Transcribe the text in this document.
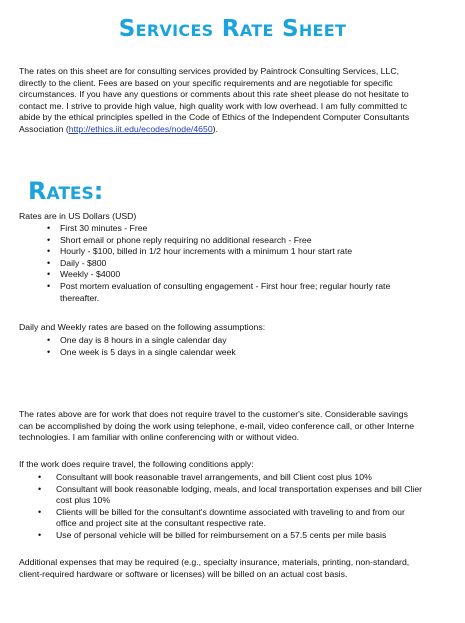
Services Rate Sheet
The rates on this sheet are for consulting services provided by Paintrock Consulting Services, LLC,
directly to the client. Fees are based on your specific requirements and are negotiable for specific
circumstances. If you have any questions or comments about this rate sheet please do not hesitate to
contact me. I strive to provide high value, high quality work with low overhead. I am fully committed tc
abide by the ethical principles spelled in the Code of Ethics of the Independent Computer Consultants
Association (http://ethics.iit.edu/ecodes/node/4650).
Rates:
Rates are in US Dollars (USD)
• First 30 minutes - Free
• Short email or phone reply requiring no additional research - Free
• Hourly - $100, billed in 1/2 hour increments with a minimum 1 hour start rate
• Daily - $800
• Weekly - $4000
• Post mortem evaluation of consulting engagement - First hour free; regular hourly rate
thereafter.
Daily and Weekly rates are based on the following assumptions:
• One day is 8 hours in a single calendar day
• One week is 5 days in a single calendar week
The rates above are for work that does not require travel to the customer's site. Considerable savings
can be accomplished by doing the work using telephone, e-mail, video conference call, or other Interne
technologies. I am familiar with online conferencing with or without video.
If the work does require travel, the following conditions apply:
• Consultant will book reasonable travel arrangements, and bill Client cost plus 10%
• Consultant will book reasonable lodging, meals, and local transportation expenses and bill Clier
cost plus 10%
• Clients will be billed for the consultant's downtime associated with traveling to and from our
office and project site at the consultant respective rate.
• Use of personal vehicle will be billed for reimbursement on a 57.5 cents per mile basis
Additional expenses that may be required (e.g., specialty insurance, materials, printing, non-standard,
client-required hardware or software or licenses) will be billed on an actual cost basis.
